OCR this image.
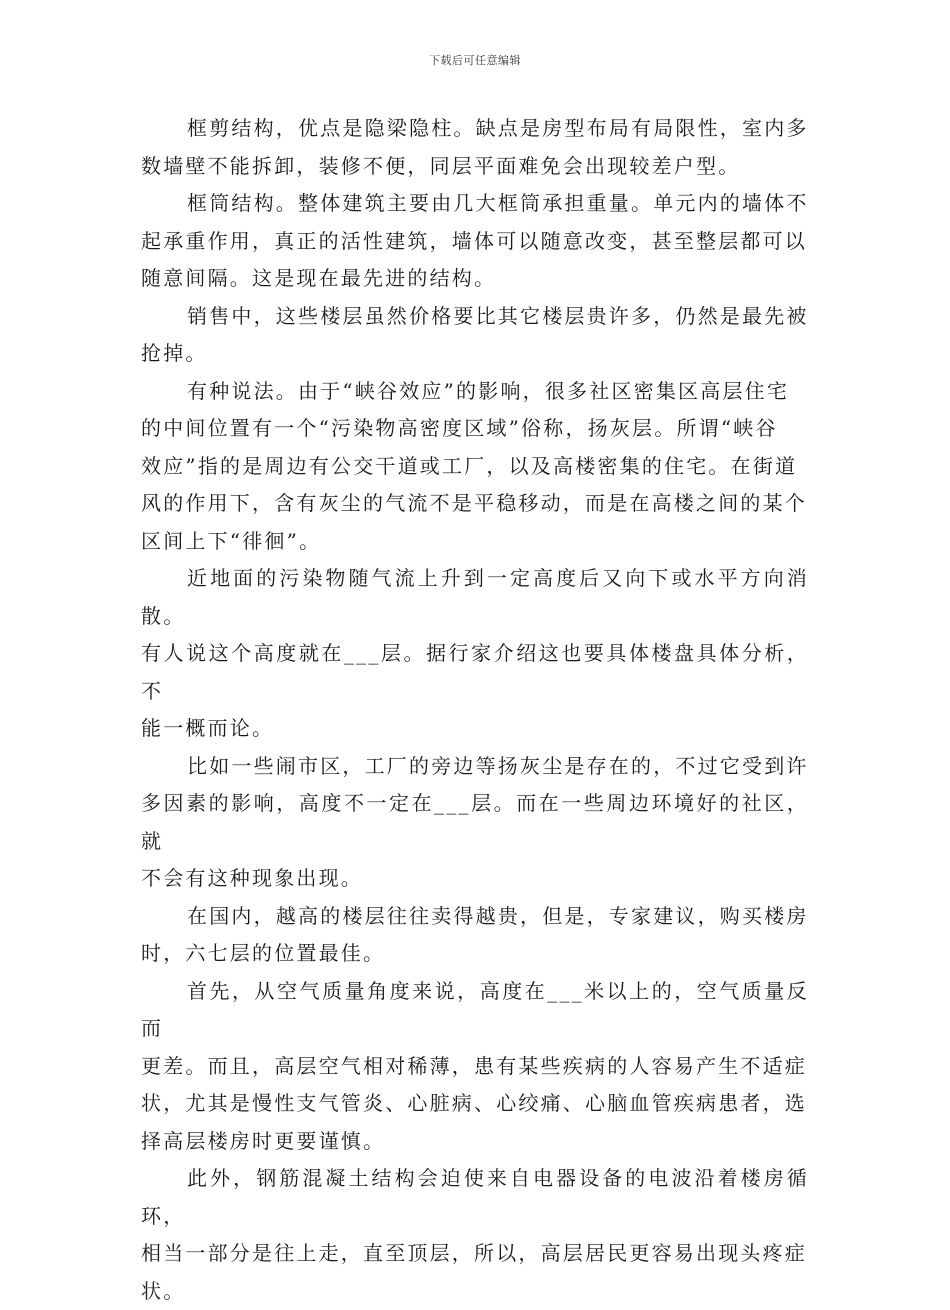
下载后可任意编辑

框剪结构，优点是隐梁隐柱。缺点是房型布局有局限性，室内多
数墙壁不能拆卸，装修不便，同层平面难免会出现较差户型。

框筒结构。整体建筑主要由几大框筒承担重量。单元内的墙体不
起承重作用，真正的活性建筑，墙体可以随意改变，甚至整层都可以
随意间隔。这是现在最先进的结构。

销售中，这些楼层虽然价格要比其它楼层贵许多，仍然是最先被
抢掉。

有种说法。由于“峡谷效应”的影响，很多社区密集区高层住宅
的中间位置有一个“污染物高密度区域”俗称，扬灰层。所谓“峡谷
效应”指的是周边有公交干道或工厂，以及高楼密集的住宅。在街道
风的作用下，含有灰尘的气流不是平稳移动，而是在高楼之间的某个
区间上下“徘徊”。

近地面的污染物随气流上升到一定高度后又向下或水平方向消散。
有人说这个高度就在___层。据行家介绍这也要具体楼盘具体分析，不
能一概而论。

比如一些闹市区，工厂的旁边等扬灰尘是存在的，不过它受到许
多因素的影响，高度不一定在___层。而在一些周边环境好的社区，就
不会有这种现象出现。

在国内，越高的楼层往往卖得越贵，但是，专家建议，购买楼房
时，六七层的位置最佳。

首先，从空气质量角度来说，高度在___米以上的，空气质量反而
更差。而且，高层空气相对稀薄，患有某些疾病的人容易产生不适症
状，尤其是慢性支气管炎、心脏病、心绞痛、心脑血管疾病患者，选
择高层楼房时更要谨慎。

此外，钢筋混凝土结构会迫使来自电器设备的电波沿着楼房循环，
相当一部分是往上走，直至顶层，所以，高层居民更容易出现头疼症
状。
